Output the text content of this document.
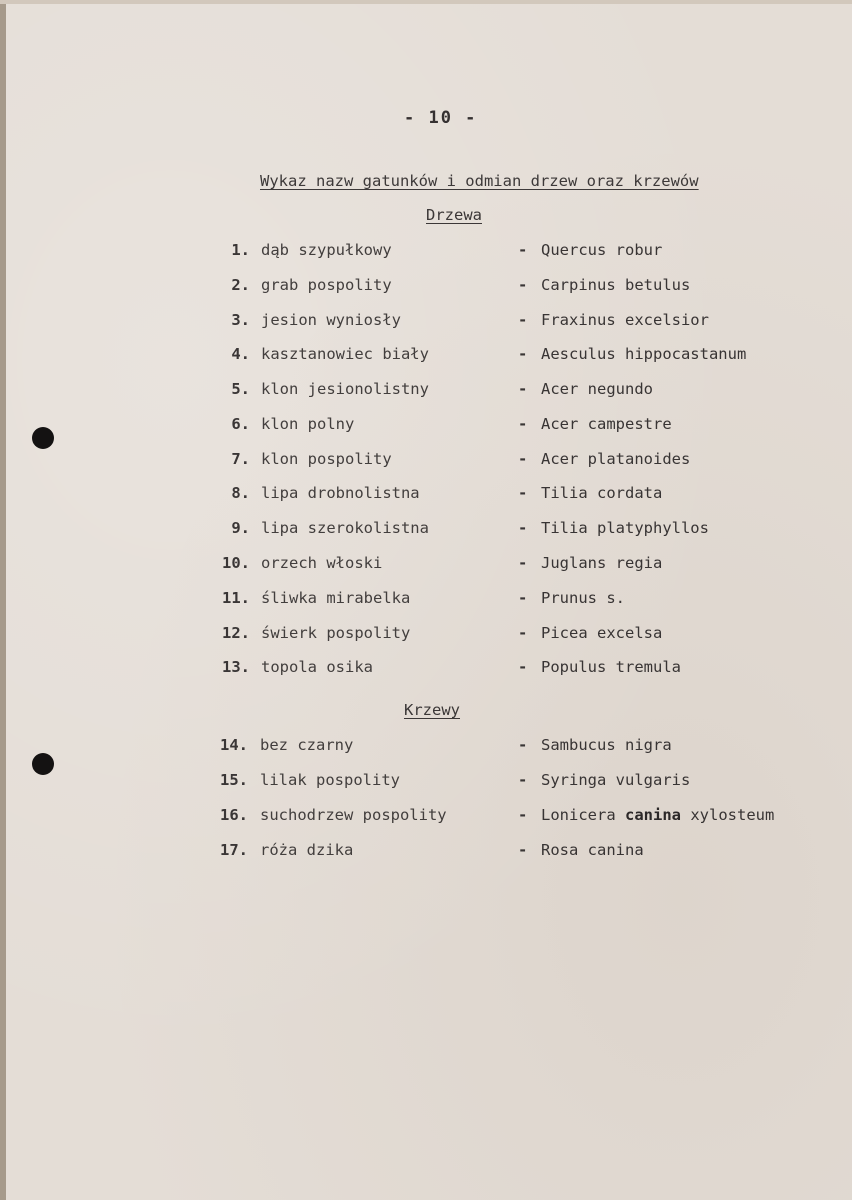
- 10 -
Wykaz nazw gatunków i odmian drzew oraz krzewów
Drzewa
1. dąb szypułkowy	- Quercus robur
2. grab pospolity	- Carpinus betulus
3. jesion wyniosły	- Fraxinus excelsior
4. kasztanowiec biały	- Aesculus hippocastanum
5. klon jesionolistny	- Acer negundo
6. klon polny	- Acer campestre
7. klon pospolity	- Acer platanoides
8. lipa drobnolistna	- Tilia cordata
9. lipa szerokolistna	- Tilia platyphyllos
10. orzech włoski	- Juglans regia
11. śliwka mirabelka	- Prunus s.
12. świerk pospolity	- Picea excelsa
13. topola osika	- Populus tremula
Krzewy
14. bez czarny	- Sambucus nigra
15. lilak pospolity	- Syringa vulgaris
16. suchodrzew pospolity	- Lonicera canina xylosteum
17. róża dzika	- Rosa canina
